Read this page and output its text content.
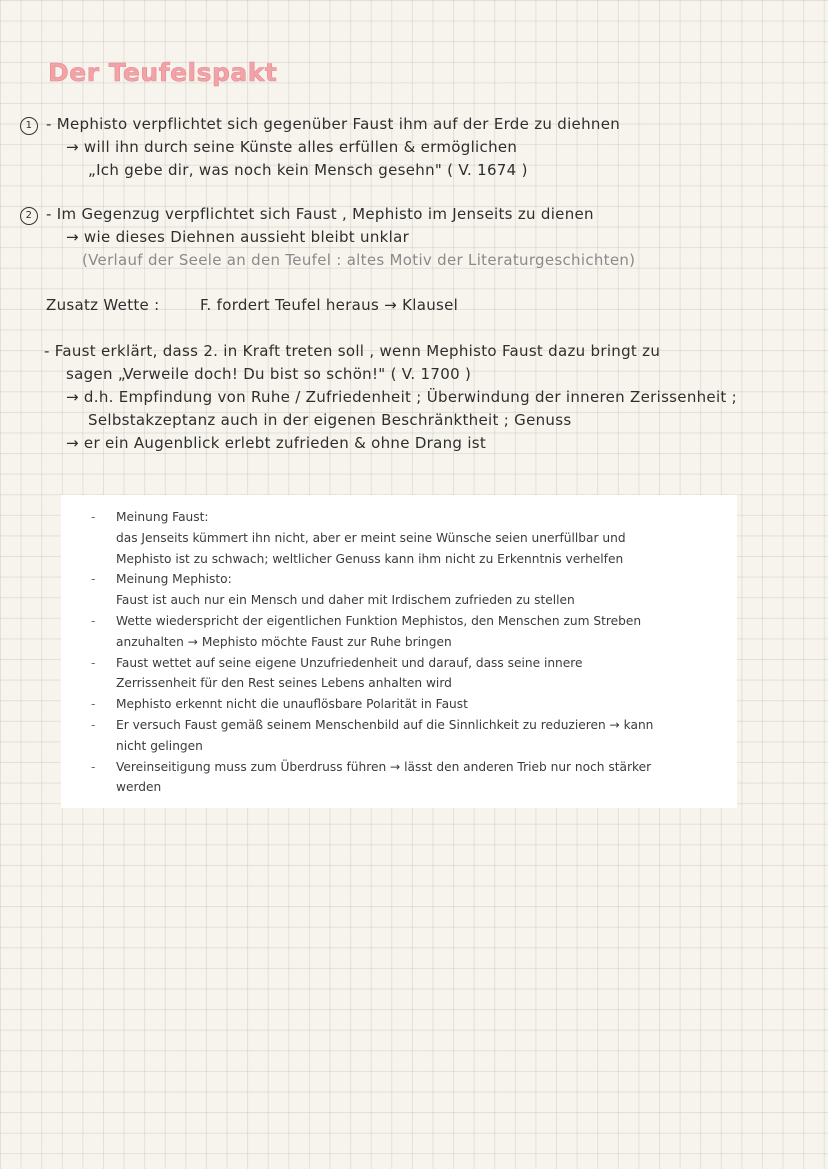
Der Teufelspakt
1 - Mephisto verpflichtet sich gegenüber Faust ihm auf der Erde zu diehnen
→ will ihn durch seine Künste alles erfüllen & ermöglichen
„Ich gebe dir, was noch kein Mensch gesehn" ( V. 1674 )
2 - Im Gegenzug verpflichtet sich Faust , Mephisto im Jenseits zu dienen
→ wie dieses Diehnen aussieht bleibt unklar
(Verlauf der Seele an den Teufel : altes Motiv der Literaturgeschichten)
Zusatz Wette :	F. fordert Teufel heraus → Klausel
- Faust erklärt, dass 2. in Kraft treten soll , wenn Mephisto Faust dazu bringt zu
sagen „Verweile doch! Du bist so schön!" ( V. 1700 )
→ d.h. Empfindung von Ruhe / Zufriedenheit ; Überwindung der inneren Zerissenheit ;
Selbstakzeptanz auch in der eigenen Beschränktheit ; Genuss
→ er ein Augenblick erlebt zufrieden & ohne Drang ist
- Meinung Faust:
das Jenseits kümmert ihn nicht, aber er meint seine Wünsche seien unerfüllbar und
Mephisto ist zu schwach; weltlicher Genuss kann ihm nicht zu Erkenntnis verhelfen
- Meinung Mephisto:
Faust ist auch nur ein Mensch und daher mit Irdischem zufrieden zu stellen
- Wette wiederspricht der eigentlichen Funktion Mephistos, den Menschen zum Streben
anzuhalten → Mephisto möchte Faust zur Ruhe bringen
- Faust wettet auf seine eigene Unzufriedenheit und darauf, dass seine innere
Zerrissenheit für den Rest seines Lebens anhalten wird
- Mephisto erkennt nicht die unauflösbare Polarität in Faust
- Er versuch Faust gemäß seinem Menschenbild auf die Sinnlichkeit zu reduzieren → kann
nicht gelingen
- Vereinseitigung muss zum Überdruss führen → lässt den anderen Trieb nur noch stärker
werden
